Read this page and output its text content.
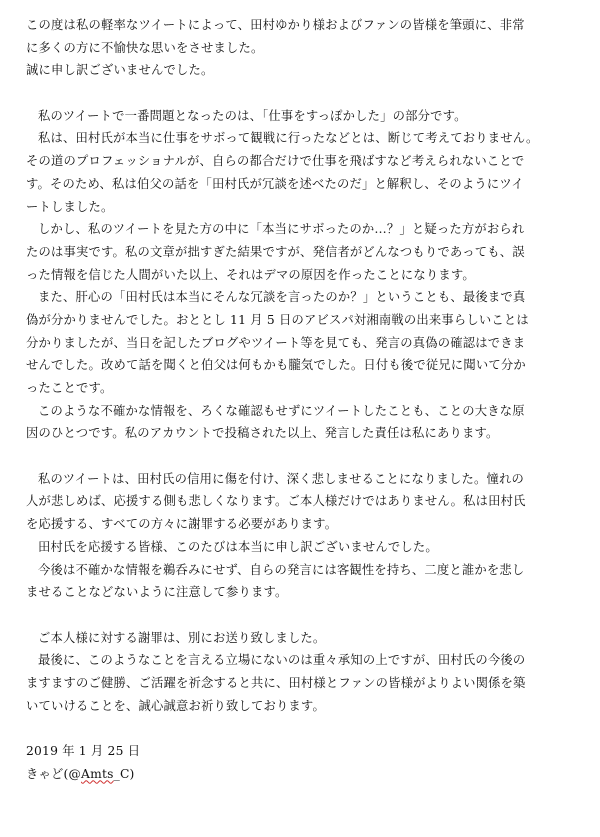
この度は私の軽率なツイートによって、田村ゆかり様およびファンの皆様を筆頭に、非常
に多くの方に不愉快な思いをさせました。
誠に申し訳ございませんでした。
私のツイートで一番問題となったのは、「仕事をすっぽかした」の部分です。
私は、田村氏が本当に仕事をサボって観戦に行ったなどとは、断じて考えておりません。
その道のプロフェッショナルが、自らの都合だけで仕事を飛ばすなど考えられないことで
す。そのため、私は伯父の話を「田村氏が冗談を述べたのだ」と解釈し、そのようにツイ
ートしました。
しかし、私のツイートを見た方の中に「本当にサボったのか…？」と疑った方がおられ
たのは事実です。私の文章が拙すぎた結果ですが、発信者がどんなつもりであっても、誤
った情報を信じた人間がいた以上、それはデマの原因を作ったことになります。
また、肝心の「田村氏は本当にそんな冗談を言ったのか？」ということも、最後まで真
偽が分かりませんでした。おととし 11 月 5 日のアビスパ対湘南戦の出来事らしいことは
分かりましたが、当日を記したブログやツイート等を見ても、発言の真偽の確認はできま
せんでした。改めて話を聞くと伯父は何もかも朧気でした。日付も後で従兄に聞いて分か
ったことです。
このような不確かな情報を、ろくな確認もせずにツイートしたことも、ことの大きな原
因のひとつです。私のアカウントで投稿された以上、発言した責任は私にあります。
私のツイートは、田村氏の信用に傷を付け、深く悲しませることになりました。憧れの
人が悲しめば、応援する側も悲しくなります。ご本人様だけではありません。私は田村氏
を応援する、すべての方々に謝罪する必要があります。
田村氏を応援する皆様、このたびは本当に申し訳ございませんでした。
今後は不確かな情報を鵜呑みにせず、自らの発言には客観性を持ち、二度と誰かを悲し
ませることなどないように注意して参ります。
ご本人様に対する謝罪は、別にお送り致しました。
最後に、このようなことを言える立場にないのは重々承知の上ですが、田村氏の今後の
ますますのご健勝、ご活躍を祈念すると共に、田村様とファンの皆様がよりよい関係を築
いていけることを、誠心誠意お祈り致しております。
2019 年 1 月 25 日
きゃど(@Amts_C)
